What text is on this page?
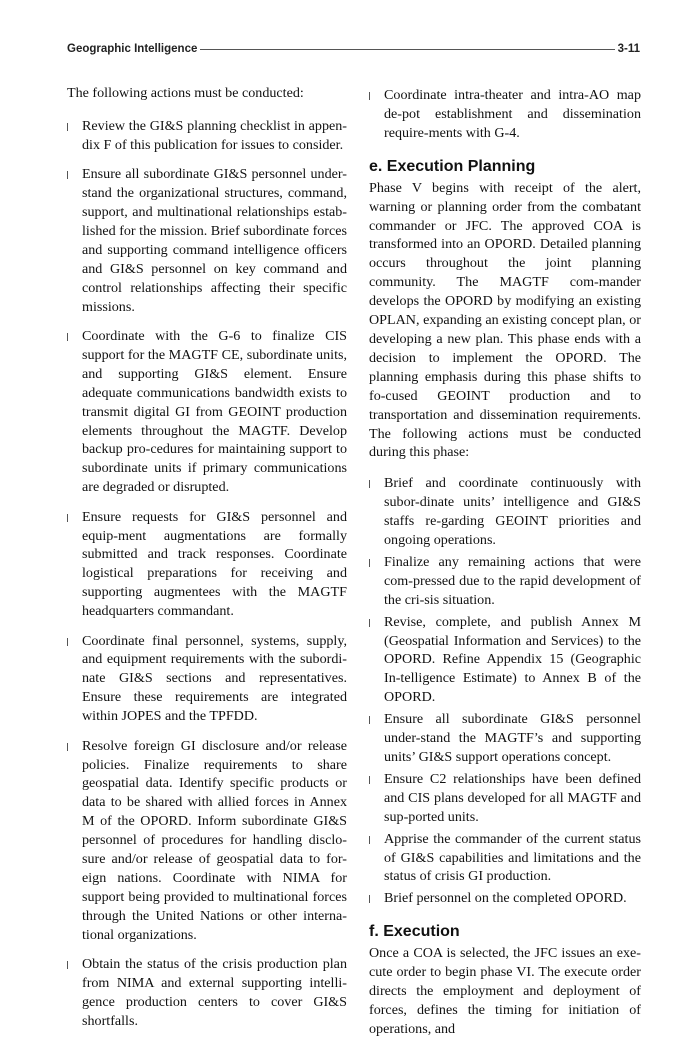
Geographic Intelligence	3-11

The following actions must be conducted:

Review the GI&S planning checklist in appen-dix F of this publication for issues to consider.
Ensure all subordinate GI&S personnel under-stand the organizational structures, command, support, and multinational relationships estab-lished for the mission. Brief subordinate forces and supporting command intelligence officers and GI&S personnel on key command and control relationships affecting their specific missions.
Coordinate with the G-6 to finalize CIS support for the MAGTF CE, subordinate units, and supporting GI&S element. Ensure adequate communications bandwidth exists to transmit digital GI from GEOINT production elements throughout the MAGTF. Develop backup pro-cedures for maintaining support to subordinate units if primary communications are degraded or disrupted.
Ensure requests for GI&S personnel and equip-ment augmentations are formally submitted and track responses. Coordinate logistical preparations for receiving and supporting augmentees with the MAGTF headquarters commandant.
Coordinate final personnel, systems, supply, and equipment requirements with the subordi-nate GI&S sections and representatives. Ensure these requirements are integrated within JOPES and the TPFDD.
Resolve foreign GI disclosure and/or release policies. Finalize requirements to share geospatial data. Identify specific products or data to be shared with allied forces in Annex M of the OPORD. Inform subordinate GI&S personnel of procedures for handling disclo-sure and/or release of geospatial data to for-eign nations. Coordinate with NIMA for support being provided to multinational forces through the United Nations or other interna-tional organizations.
Obtain the status of the crisis production plan from NIMA and external supporting intelli-gence production centers to cover GI&S shortfalls.
Coordinate intra-theater and intra-AO map de-pot establishment and dissemination require-ments with G-4.
e. Execution Planning

Phase V begins with receipt of the alert, warning or planning order from the combatant commander or JFC. The approved COA is transformed into an OPORD. Detailed planning occurs throughout the joint planning community. The MAGTF com-mander develops the OPORD by modifying an existing OPLAN, expanding an existing concept plan, or developing a new plan. This phase ends with a decision to implement the OPORD. The planning emphasis during this phase shifts to fo-cused GEOINT production and to transportation and dissemination requirements. The following actions must be conducted during this phase:

Brief and coordinate continuously with subor-dinate units’ intelligence and GI&S staffs re-garding GEOINT priorities and ongoing operations.
Finalize any remaining actions that were com-pressed due to the rapid development of the cri-sis situation.
Revise, complete, and publish Annex M (Geospatial Information and Services) to the OPORD. Refine Appendix 15 (Geographic In-telligence Estimate) to Annex B of the OPORD.
Ensure all subordinate GI&S personnel under-stand the MAGTF’s and supporting units’ GI&S support operations concept.
Ensure C2 relationships have been defined and CIS plans developed for all MAGTF and sup-ported units.
Apprise the commander of the current status of GI&S capabilities and limitations and the status of crisis GI production.
Brief personnel on the completed OPORD.
f. Execution

Once a COA is selected, the JFC issues an exe-cute order to begin phase VI. The execute order directs the employment and deployment of forces, defines the timing for initiation of operations, and
